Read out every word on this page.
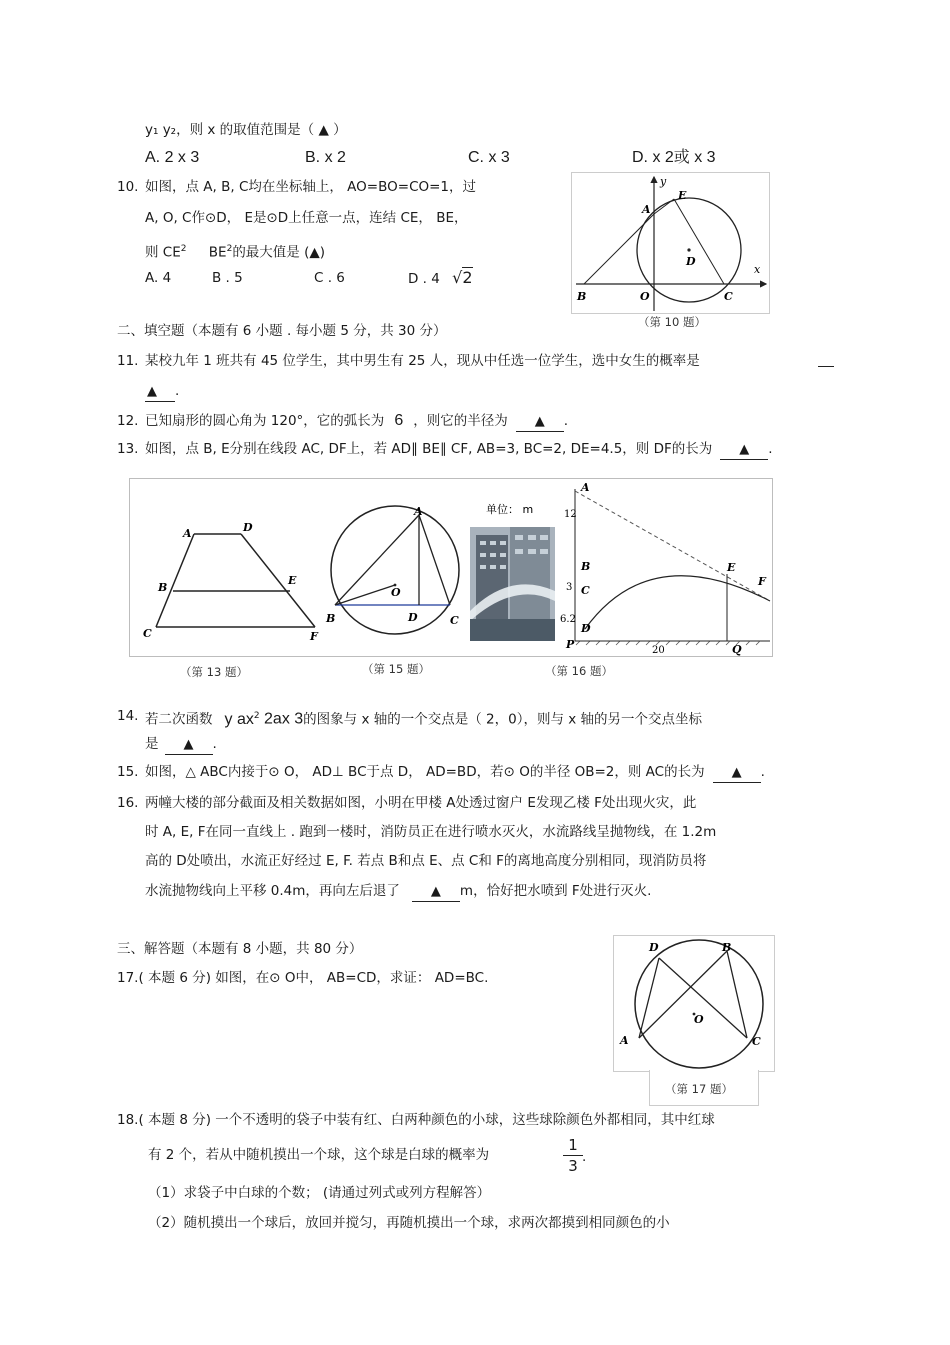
y₁ y₂，则 x 的取值范围是（ ▲ ）
A. 2 x 3	B. x 2	C. x 3	D. x 2或 x 3
10. 如图，点 A, B, C均在坐标轴上， AO=BO=CO=1，过
A, O, C作⊙D， E是⊙D上任意一点，连结 CE， BE，
则 $CE^2$ $BE^2$的最大值是 (▲)
A. 4	B . 5	C . 6	D . 4 √2
y
x
A
E
D
B	O	C
（第 10 题）
二、填空题（本题有 6 小题 . 每小题 5 分，共 30 分）
11. 某校九年 1 班共有 45 位学生，其中男生有 25 人，现从中任选一位学生，选中女生的概率是
▲ .
12. 已知扇形的圆心角为 120°，它的弧长为 6 ，则它的半径为 ▲ .
13. 如图，点 B, E分别在线段 AC, DF上，若 AD∥ BE∥ CF, AB=3, BC=2, DE=4.5，则 DF的长为 ▲ .
A	D
B
E
C	F
A
O
B	D	C
单位： m	12
3
6.2
20
A
B
C
D
P
E
F
Q
（第 13 题）	（第 15 题）	（第 16 题）
14. 若二次函数 y $ax^2$ 2ax 3的图象与 x 轴的一个交点是（ 2，0），则与 x 轴的另一个交点坐标
是 ▲ .
15. 如图，△ ABC内接于⊙ O， AD⊥ BC于点 D， AD=BD，若⊙ O的半径 OB=2，则 AC的长为 ▲ .
16. 两幢大楼的部分截面及相关数据如图，小明在甲楼 A处透过窗户 E发现乙楼 F处出现火灾，此
时 A, E, F在同一直线上 . 跑到一楼时，消防员正在进行喷水灭火，水流路线呈抛物线，在 1.2m
高的 D处喷出，水流正好经过 E, F. 若点 B和点 E、点 C和 F的离地高度分别相同，现消防员将
水流抛物线向上平移 0.4m，再向左后退了 ▲ m，恰好把水喷到 F处进行灭火.
三、解答题（本题有 8 小题，共 80 分）
17.( 本题 6 分) 如图，在⊙ O中， AB=CD，求证： AD=BC.
D	B
O
A	C
（第 17 题）
18.( 本题 8 分) 一个不透明的袋子中装有红、白两种颜色的小球，这些球除颜色外都相同，其中红球
有 2 个，若从中随机摸出一个球，这个球是白球的概率为	$\frac{1}{3}$ .
（1）求袋子中白球的个数； (请通过列式或列方程解答）
（2）随机摸出一个球后，放回并搅匀，再随机摸出一个球，求两次都摸到相同颜色的小
